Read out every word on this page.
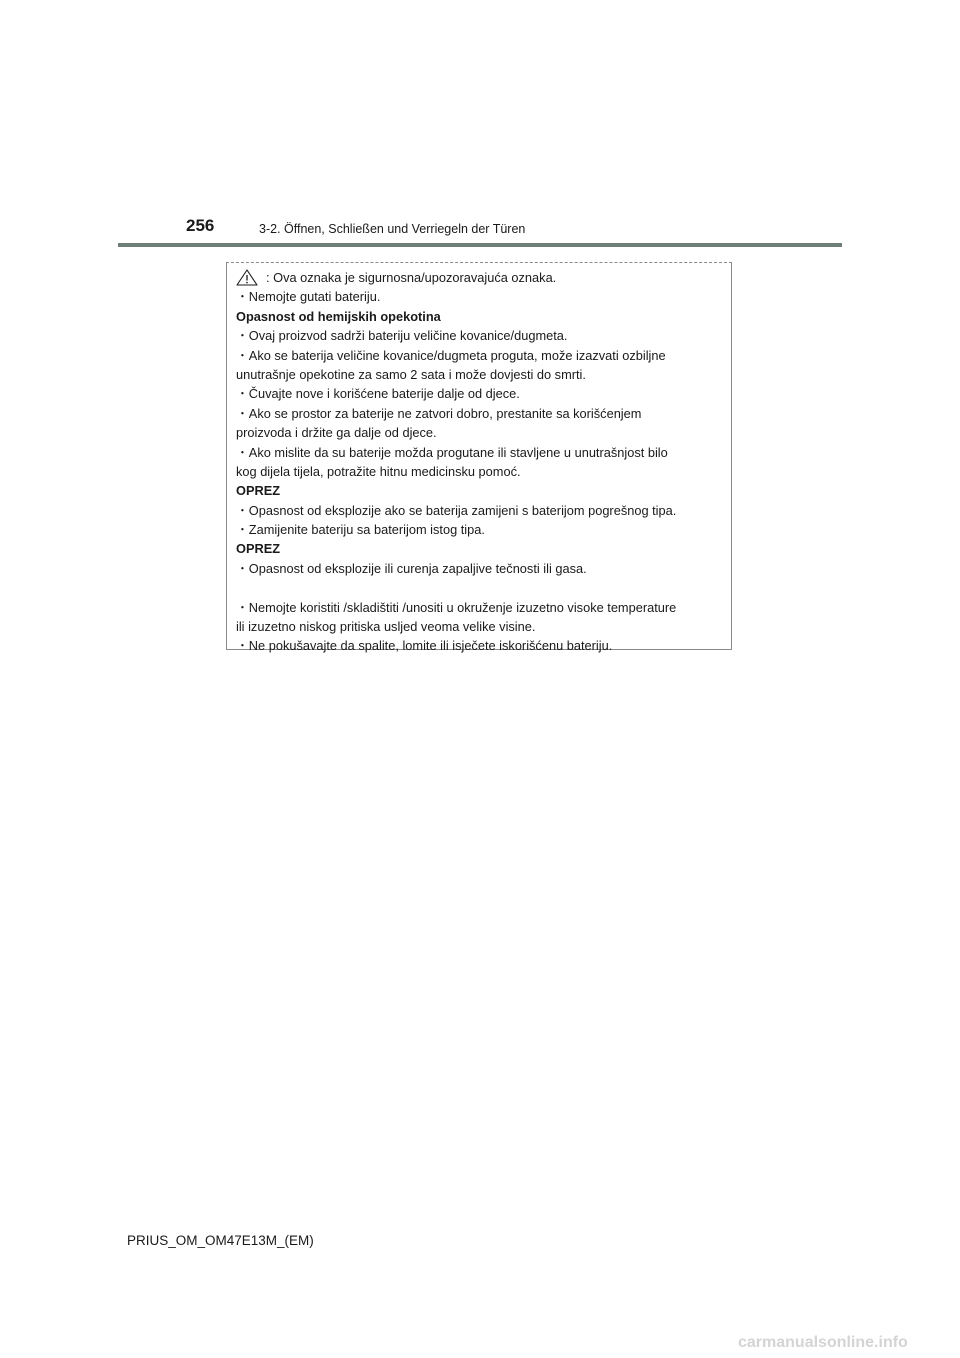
256	3-2. Öffnen, Schließen und Verriegeln der Türen
: Ova oznaka je sigurnosna/upozoravajuća oznaka.
・Nemojte gutati bateriju.
Opasnost od hemijskih opekotina
・Ovaj proizvod sadrži bateriju veličine kovanice/dugmeta.
・Ako se baterija veličine kovanice/dugmeta proguta, može izazvati ozbiljne
unutrašnje opekotine za samo 2 sata i može dovjesti do smrti.
・Čuvajte nove i korišćene baterije dalje od djece.
・Ako se prostor za baterije ne zatvori dobro, prestanite sa korišćenjem
proizvoda i držite ga dalje od djece.
・Ako mislite da su baterije možda progutane ili stavljene u unutrašnjost bilo
kog dijela tijela, potražite hitnu medicinsku pomoć.
OPREZ
・Opasnost od eksplozije ako se baterija zamijeni s baterijom pogrešnog tipa.
・Zamijenite bateriju sa baterijom istog tipa.
OPREZ
・Opasnost od eksplozije ili curenja zapaljive tečnosti ili gasa.
・Nemojte koristiti /skladištiti /unositi u okruženje izuzetno visoke temperature
ili izuzetno niskog pritiska usljed veoma velike visine.
・Ne pokušavajte da spalite, lomite ili isječete iskorišćenu bateriju.
PRIUS_OM_OM47E13M_(EM)
carmanualsonline.info
